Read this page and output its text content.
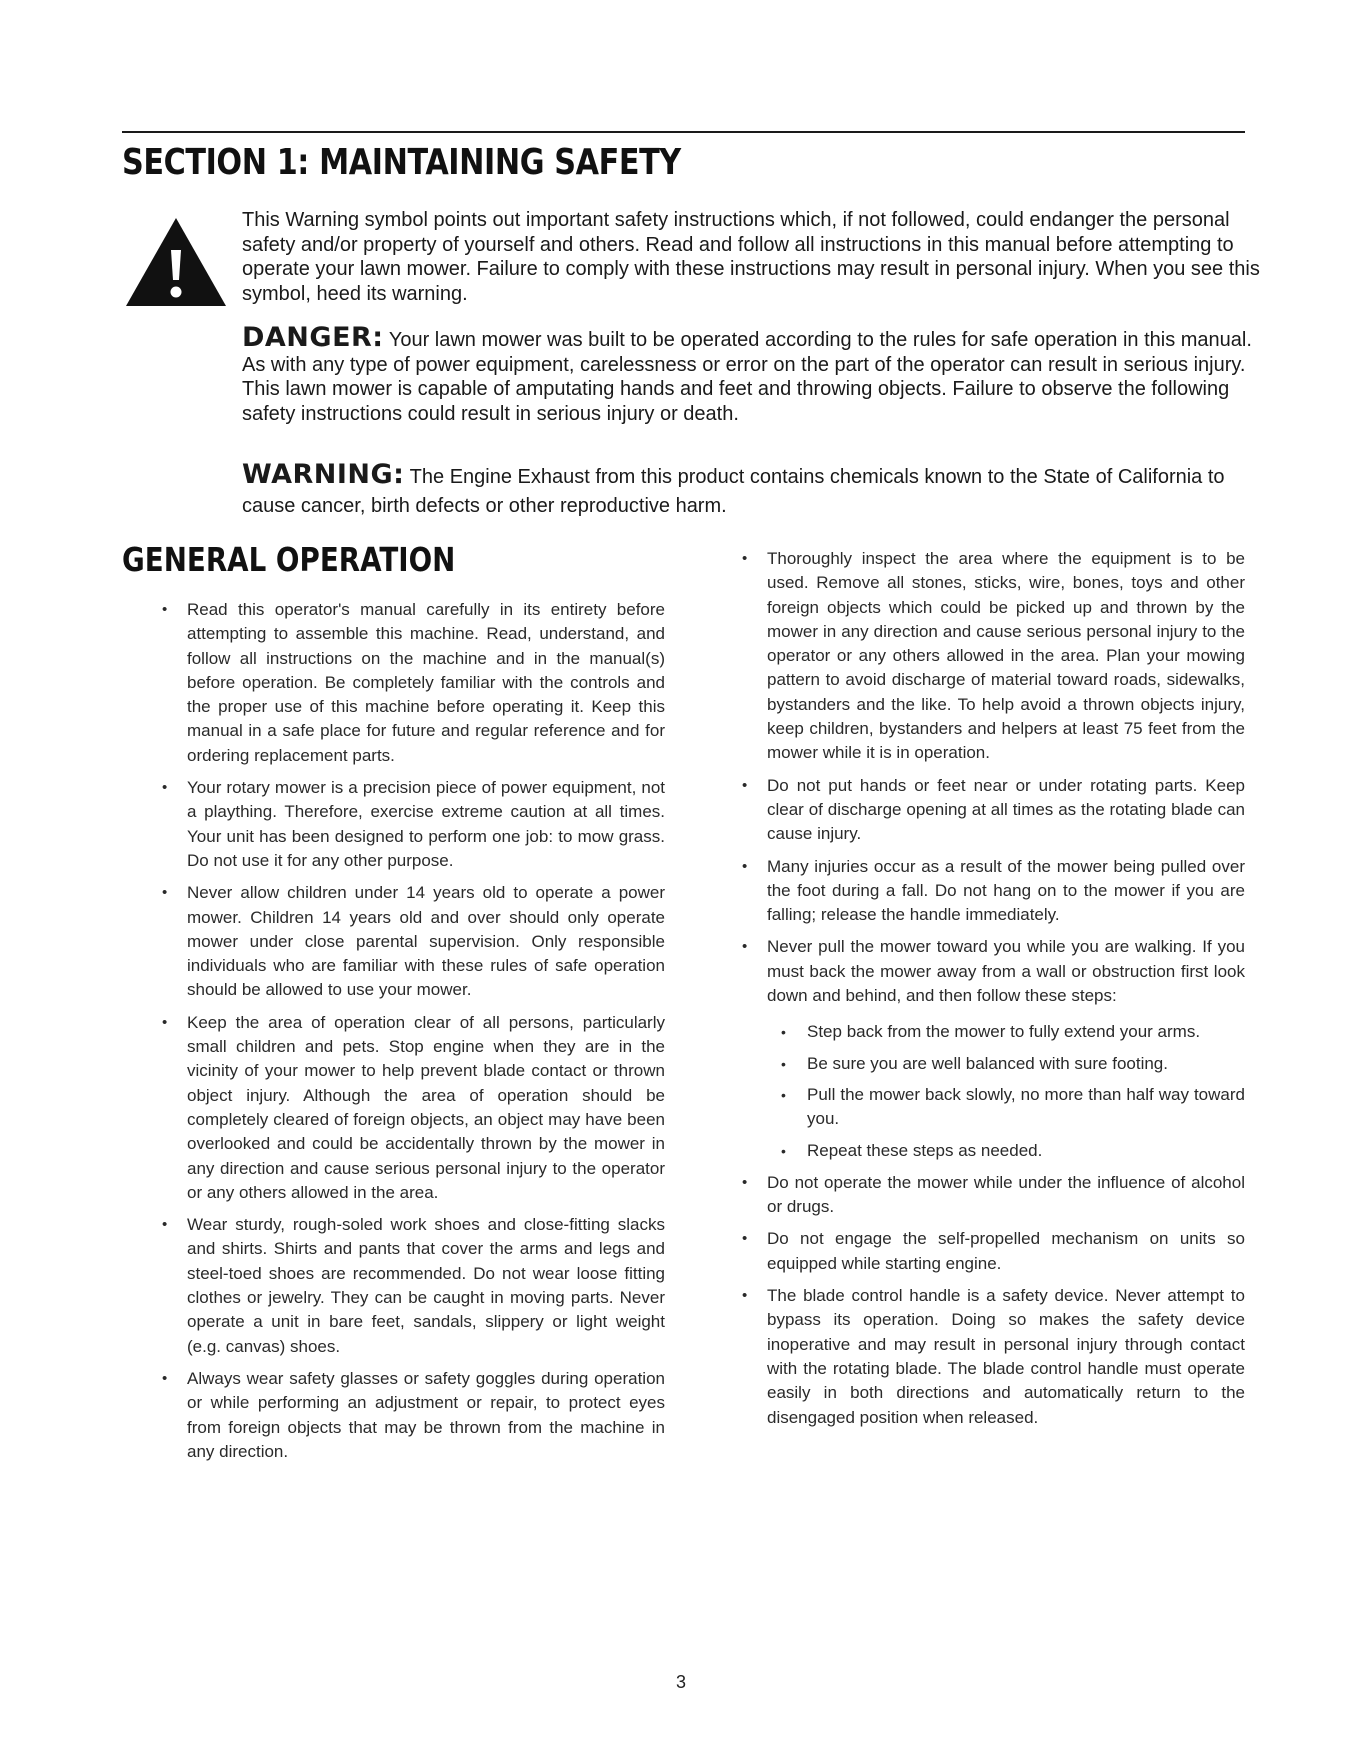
SECTION 1: MAINTAINING SAFETY

This Warning symbol points out important safety instructions which, if not followed, could endanger the personal safety and/or property of yourself and others. Read and follow all instructions in this manual before attempting to operate your lawn mower. Failure to comply with these instructions may result in personal injury. When you see this symbol, heed its warning.

DANGER: Your lawn mower was built to be operated according to the rules for safe operation in this manual. As with any type of power equipment, carelessness or error on the part of the operator can result in serious injury. This lawn mower is capable of amputating hands and feet and throwing objects. Failure to observe the following safety instructions could result in serious injury or death.

WARNING: The Engine Exhaust from this product contains chemicals known to the State of California to cause cancer, birth defects or other reproductive harm.

GENERAL OPERATION
• Read this operator's manual carefully in its entirety before attempting to assemble this machine. Read, understand, and follow all instructions on the machine and in the manual(s) before operation. Be completely familiar with the controls and the proper use of this machine before operating it. Keep this manual in a safe place for future and regular reference and for ordering replacement parts.
• Your rotary mower is a precision piece of power equipment, not a plaything. Therefore, exercise extreme caution at all times. Your unit has been designed to perform one job: to mow grass. Do not use it for any other purpose.
• Never allow children under 14 years old to operate a power mower. Children 14 years old and over should only operate mower under close parental supervision. Only responsible individuals who are familiar with these rules of safe operation should be allowed to use your mower.
• Keep the area of operation clear of all persons, particularly small children and pets. Stop engine when they are in the vicinity of your mower to help prevent blade contact or thrown object injury. Although the area of operation should be completely cleared of foreign objects, an object may have been overlooked and could be accidentally thrown by the mower in any direction and cause serious personal injury to the operator or any others allowed in the area.
• Wear sturdy, rough-soled work shoes and close-fitting slacks and shirts. Shirts and pants that cover the arms and legs and steel-toed shoes are recommended. Do not wear loose fitting clothes or jewelry. They can be caught in moving parts. Never operate a unit in bare feet, sandals, slippery or light weight (e.g. canvas) shoes.
• Always wear safety glasses or safety goggles during operation or while performing an adjustment or repair, to protect eyes from foreign objects that may be thrown from the machine in any direction.
• Thoroughly inspect the area where the equipment is to be used. Remove all stones, sticks, wire, bones, toys and other foreign objects which could be picked up and thrown by the mower in any direction and cause serious personal injury to the operator or any others allowed in the area. Plan your mowing pattern to avoid discharge of material toward roads, sidewalks, bystanders and the like. To help avoid a thrown objects injury, keep children, bystanders and helpers at least 75 feet from the mower while it is in operation.
• Do not put hands or feet near or under rotating parts. Keep clear of discharge opening at all times as the rotating blade can cause injury.
• Many injuries occur as a result of the mower being pulled over the foot during a fall. Do not hang on to the mower if you are falling; release the handle immediately.
• Never pull the mower toward you while you are walking. If you must back the mower away from a wall or obstruction first look down and behind, and then follow these steps:
• Step back from the mower to fully extend your arms.
• Be sure you are well balanced with sure footing.
• Pull the mower back slowly, no more than half way toward you.
• Repeat these steps as needed.
• Do not operate the mower while under the influence of alcohol or drugs.
• Do not engage the self-propelled mechanism on units so equipped while starting engine.
• The blade control handle is a safety device. Never attempt to bypass its operation. Doing so makes the safety device inoperative and may result in personal injury through contact with the rotating blade. The blade control handle must operate easily in both directions and automatically return to the disengaged position when released.
3
